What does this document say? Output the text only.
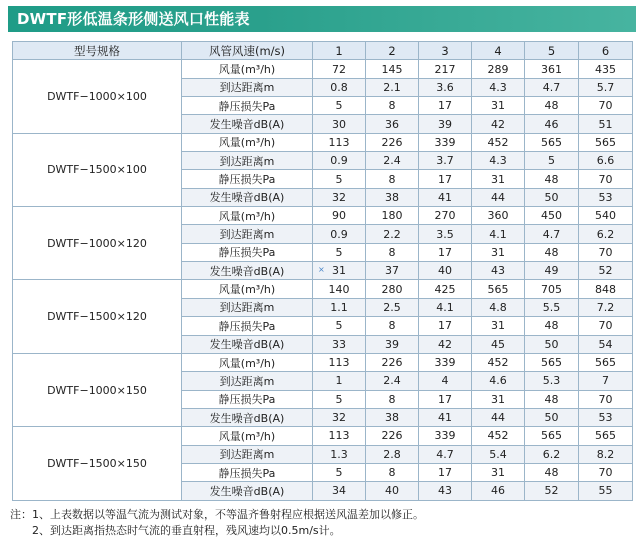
DWTF形低温条形侧送风口性能表
型号规格	风管风速(m/s)	1	2	3	4	5	6
DWTF−1000×100	风量(m³/h)	72	145	217	289	361	435
	到达距离m	0.8	2.1	3.6	4.3	4.7	5.7
	静压损失Pa	5	8	17	31	48	70
	发生噪音dB(A)	30	36	39	42	46	51
DWTF−1500×100	风量(m³/h)	113	226	339	452	565	565
	到达距离m	0.9	2.4	3.7	4.3	5	6.6
	静压损失Pa	5	8	17	31	48	70
	发生噪音dB(A)	32	38	41	44	50	53
DWTF−1000×120	风量(m³/h)	90	180	270	360	450	540
	到达距离m	0.9	2.2	3.5	4.1	4.7	6.2
	静压损失Pa	5	8	17	31	48	70
	发生噪音dB(A)	31	37	40	43	49	52
DWTF−1500×120	风量(m³/h)	140	280	425	565	705	848
	到达距离m	1.1	2.5	4.1	4.8	5.5	7.2
	静压损失Pa	5	8	17	31	48	70
	发生噪音dB(A)	33	39	42	45	50	54
DWTF−1000×150	风量(m³/h)	113	226	339	452	565	565
	到达距离m	1	2.4	4	4.6	5.3	7
	静压损失Pa	5	8	17	31	48	70
	发生噪音dB(A)	32	38	41	44	50	53
DWTF−1500×150	风量(m³/h)	113	226	339	452	565	565
	到达距离m	1.3	2.8	4.7	5.4	6.2	8.2
	静压损失Pa	5	8	17	31	48	70
	发生噪音dB(A)	34	40	43	46	52	55
×
注：1、上表数据以等温气流为测试对象，不等温齐鲁射程应根据送风温差加以修正。
2、到达距离指热态时气流的垂直射程，残风速均以0.5m/s计。
